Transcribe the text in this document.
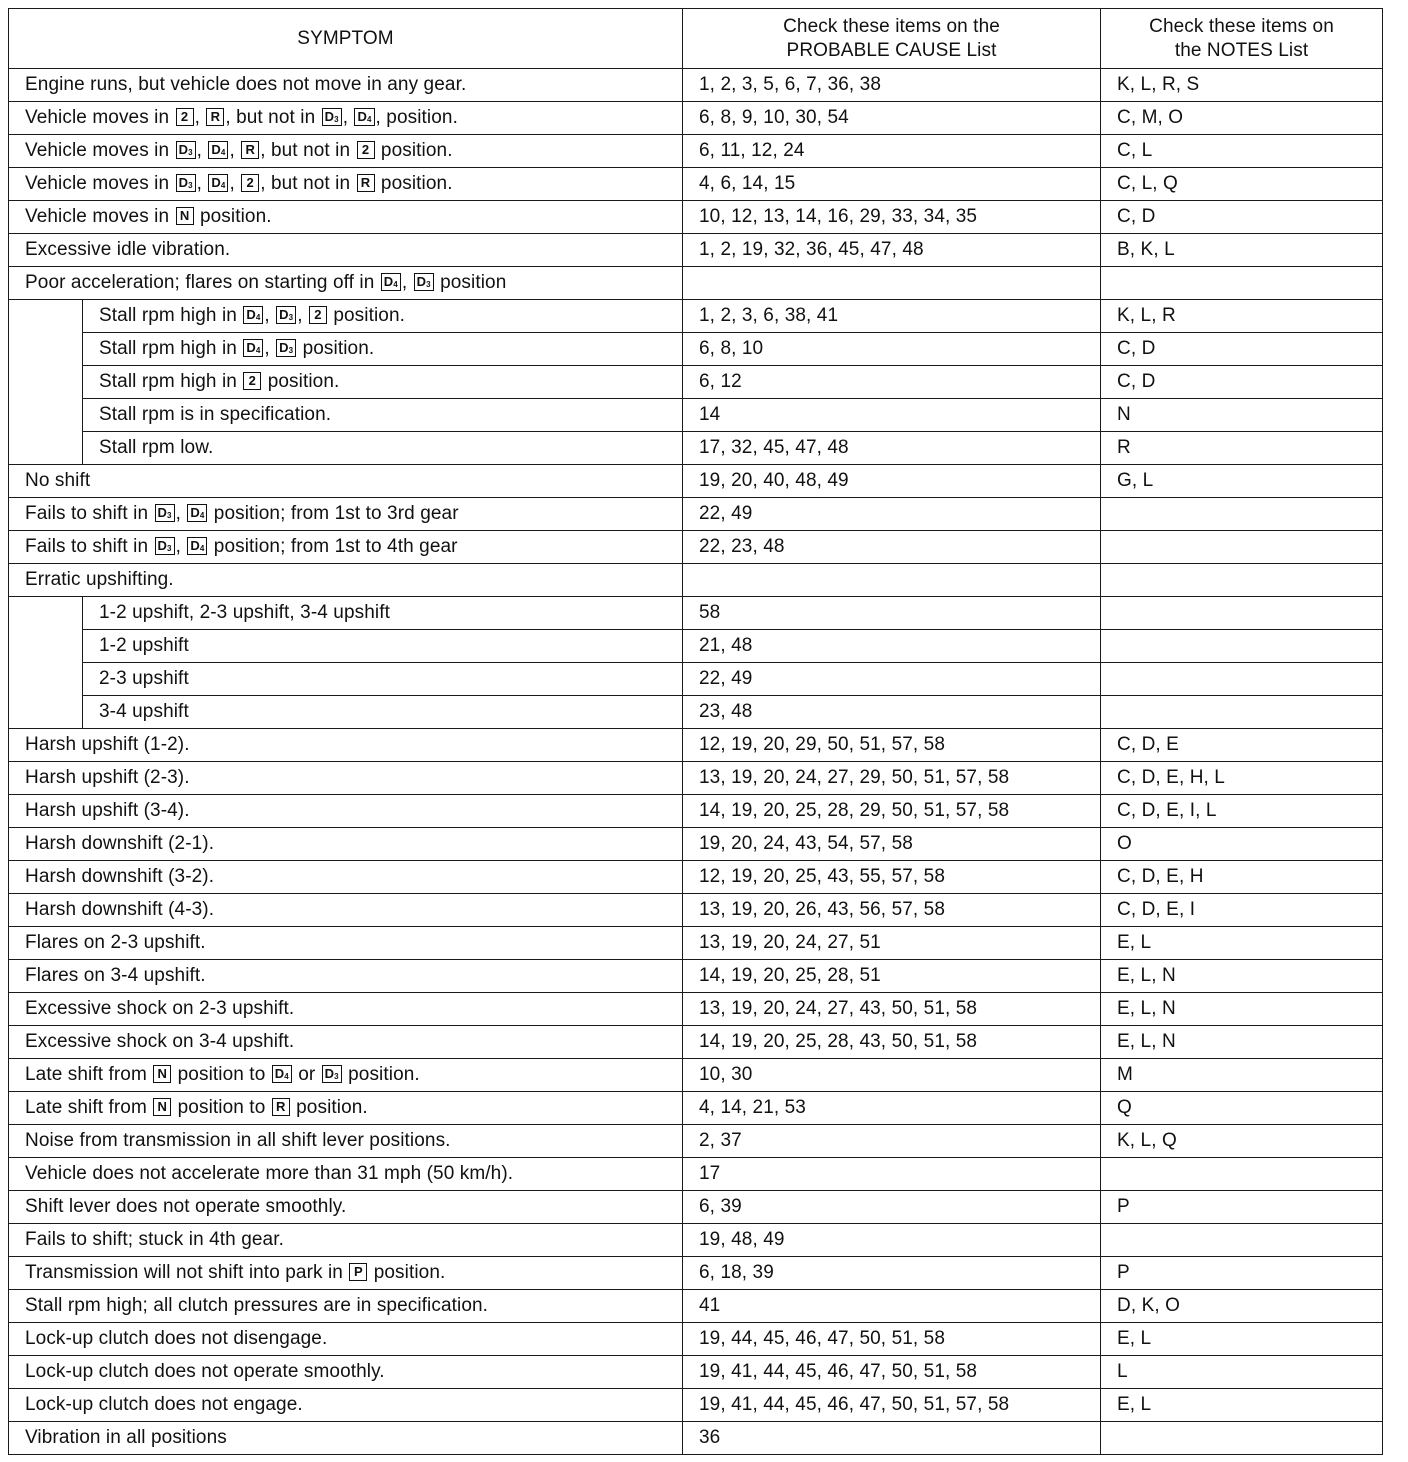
SYMPTOM		Check these items on the
PROBABLE CAUSE List	Check these items on
the NOTES List
Engine runs, but vehicle does not move in any gear.		1, 2, 3, 5, 6, 7, 36, 38	K, L, R, S
Vehicle moves in 2 , R , but not in $D_3$ , $D_4$ , position.		6, 8, 9, 10, 30, 54	C, M, O
Vehicle moves in $D_3$ , $D_4$ , R , but not in 2 position.		6, 11, 12, 24	C, L
Vehicle moves in $D_3$ , $D_4$ , 2 , but not in R position.		4, 6, 14, 15	C, L, Q
Vehicle moves in N position.		10, 12, 13, 14, 16, 29, 33, 34, 35	C, D
Excessive idle vibration.		1, 2, 19, 32, 36, 45, 47, 48	B, K, L
Poor acceleration; flares on starting off in $D_4$ , $D_3$ position			
	Stall rpm high in $D_4$ , $D_3$ , 2 position.	1, 2, 3, 6, 38, 41	K, L, R
	Stall rpm high in $D_4$ , $D_3$ position.	6, 8, 10	C, D
	Stall rpm high in 2 position.	6, 12	C, D
	Stall rpm is in specification.	14	N
	Stall rpm low.	17, 32, 45, 47, 48	R
No shift		19, 20, 40, 48, 49	G, L
Fails to shift in $D_3$ , $D_4$ position; from 1st to 3rd gear		22, 49	
Fails to shift in $D_3$ , $D_4$ position; from 1st to 4th gear		22, 23, 48	
Erratic upshifting.			
	1-2 upshift, 2-3 upshift, 3-4 upshift	58	
	1-2 upshift	21, 48	
	2-3 upshift	22, 49	
	3-4 upshift	23, 48	
Harsh upshift (1-2).		12, 19, 20, 29, 50, 51, 57, 58	C, D, E
Harsh upshift (2-3).		13, 19, 20, 24, 27, 29, 50, 51, 57, 58	C, D, E, H, L
Harsh upshift (3-4).		14, 19, 20, 25, 28, 29, 50, 51, 57, 58	C, D, E, I, L
Harsh downshift (2-1).		19, 20, 24, 43, 54, 57, 58	O
Harsh downshift (3-2).		12, 19, 20, 25, 43, 55, 57, 58	C, D, E, H
Harsh downshift (4-3).		13, 19, 20, 26, 43, 56, 57, 58	C, D, E, I
Flares on 2-3 upshift.		13, 19, 20, 24, 27, 51	E, L
Flares on 3-4 upshift.		14, 19, 20, 25, 28, 51	E, L, N
Excessive shock on 2-3 upshift.		13, 19, 20, 24, 27, 43, 50, 51, 58	E, L, N
Excessive shock on 3-4 upshift.		14, 19, 20, 25, 28, 43, 50, 51, 58	E, L, N
Late shift from N position to $D_4$ or $D_3$ position.		10, 30	M
Late shift from N position to R position.		4, 14, 21, 53	Q
Noise from transmission in all shift lever positions.		2, 37	K, L, Q
Vehicle does not accelerate more than 31 mph (50 km/h).		17	
Shift lever does not operate smoothly.		6, 39	P
Fails to shift; stuck in 4th gear.		19, 48, 49	
Transmission will not shift into park in P position.		6, 18, 39	P
Stall rpm high; all clutch pressures are in specification.		41	D, K, O
Lock-up clutch does not disengage.		19, 44, 45, 46, 47, 50, 51, 58	E, L
Lock-up clutch does not operate smoothly.		19, 41, 44, 45, 46, 47, 50, 51, 58	L
Lock-up clutch does not engage.		19, 41, 44, 45, 46, 47, 50, 51, 57, 58	E, L
Vibration in all positions		36	
